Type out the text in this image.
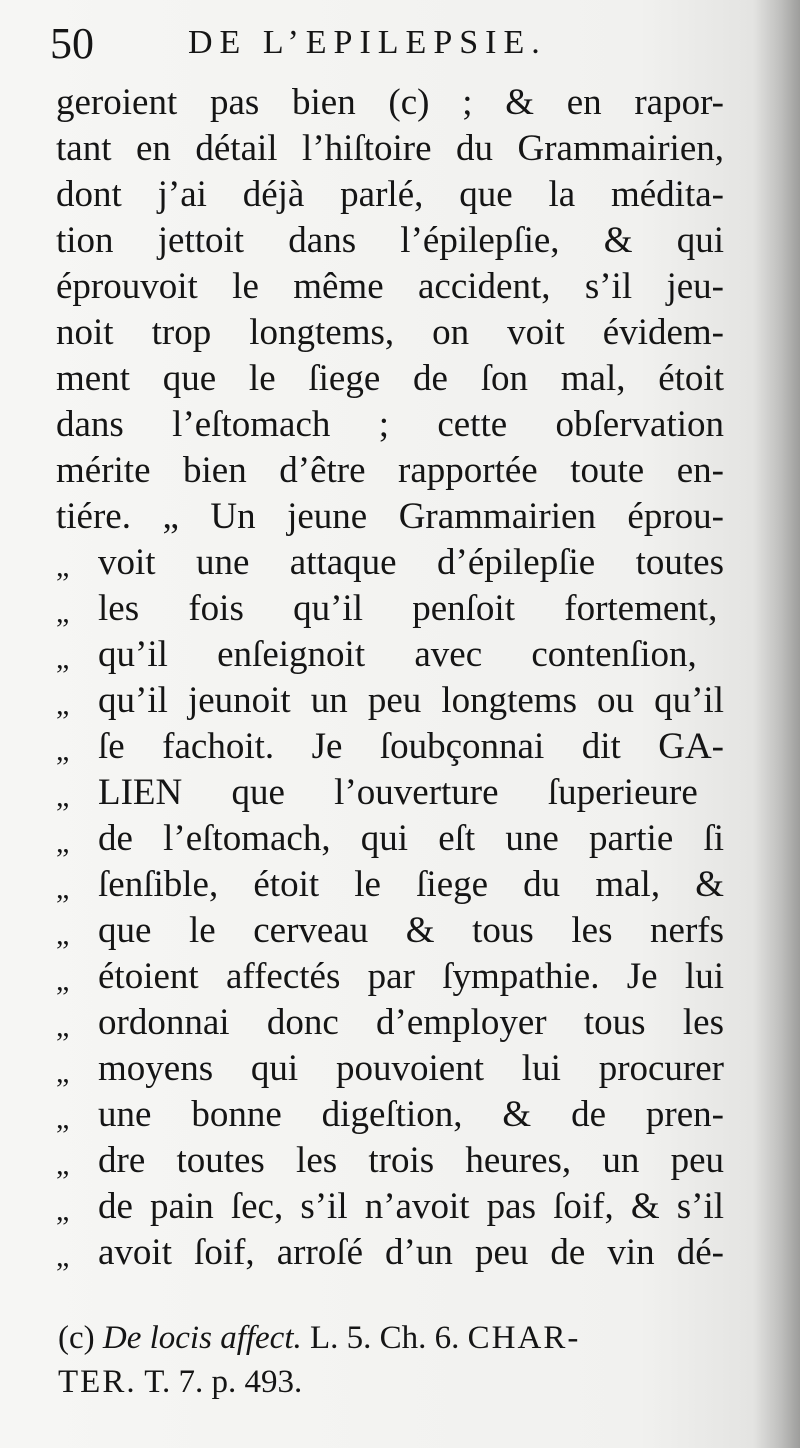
50	DE L’EPILEPSIE.
geroient pas bien (c) ; & en rapor-
tant en détail l’hiſtoire du Grammairien,
dont j’ai déjà parlé, que la médita-
tion jettoit dans l’épilepſie, & qui
éprouvoit le même accident, s’il jeu-
noit trop longtems, on voit évidem-
ment que le ſiege de ſon mal, étoit
dans l’eſtomach ; cette obſervation
mérite bien d’être rapportée toute en-
tiére. „ Un jeune Grammairien éprou-
„ voit une attaque d’épilepſie toutes
„ les fois qu’il penſoit fortement,
„ qu’il enſeignoit avec contenſion,
„ qu’il jeunoit un peu longtems ou qu’il
„ ſe fachoit. Je ſoubçonnai dit GA-
„ LIEN que l’ouverture ſuperieure
„ de l’eſtomach, qui eſt une partie ſi
„ ſenſible, étoit le ſiege du mal, &
„ que le cerveau & tous les nerfs
„ étoient affectés par ſympathie. Je lui
„ ordonnai donc d’employer tous les
„ moyens qui pouvoient lui procurer
„ une bonne digeſtion, & de pren-
„ dre toutes les trois heures, un peu
„ de pain ſec, s’il n’avoit pas ſoif, & s’il
„ avoit ſoif, arroſé d’un peu de vin dé-
(c) De locis affect. L. 5. Ch. 6. CHAR-
TER. T. 7. p. 493.
